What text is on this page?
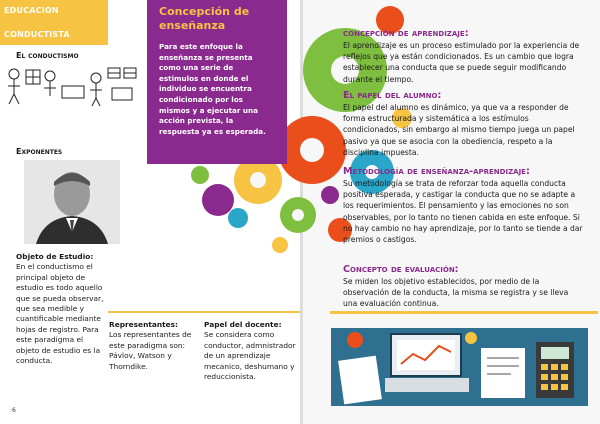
EDUCACION
CONDUCTISTA
Concepción de
enseñanza
Para este enfoque la enseñanza se presenta como una serie de estimulos en donde el individuo se encuentra condicionado por los mismos y a ejecutar una acción prevista, la respuesta ya es esperada.
El conductismo
Exponentes
Objeto de Estudio: En el conductismo el principal objeto de estudio es todo aquello que se pueda observar, que sea medible y cuantificable mediante hojas de registro. Para este paradigma el objeto de estudio es la conducta.
Representantes:
Los representantes de este paradigma son: Pávlov, Watson y Thorndike.
Papel del docente:
Se considera como conductor, admnistrador de un aprendizaje mecanico, deshumano y reduccionista.
6
concepción de aprendizaje:
El aprendizaje es un proceso estimulado por la experiencia de reflejos que ya están condicionados. Es un cambio que logra establecer una conducta que se puede seguir modificando durante el tiempo.
El papel del alumno:
El papel del alumno es dinámico, ya que va a responder de forma estructurada y sistemática a los estímulos condicionados, sin embargo al mismo tiempo juega un papel pasivo ya que se asocia con la obediencia, respeto a la disciplina impuesta.
Metodología de enseñanza-aprendizaje:
Su metodología se trata de reforzar toda aquella conducta positiva esperada, y castigar la conducta que no se adapte a los requerimientos. El pensamiento y las emociones no son observables, por lo tanto no tienen cabida en este enfoque. Si no hay cambio no hay aprendizaje, por lo tanto se tiende a dar premios o castigos.
Concepto de evaluación:
Se miden los objetivo establecidos, por medio de la observación de la conducta, la misma se registra y se lleva una evaluación continua.
